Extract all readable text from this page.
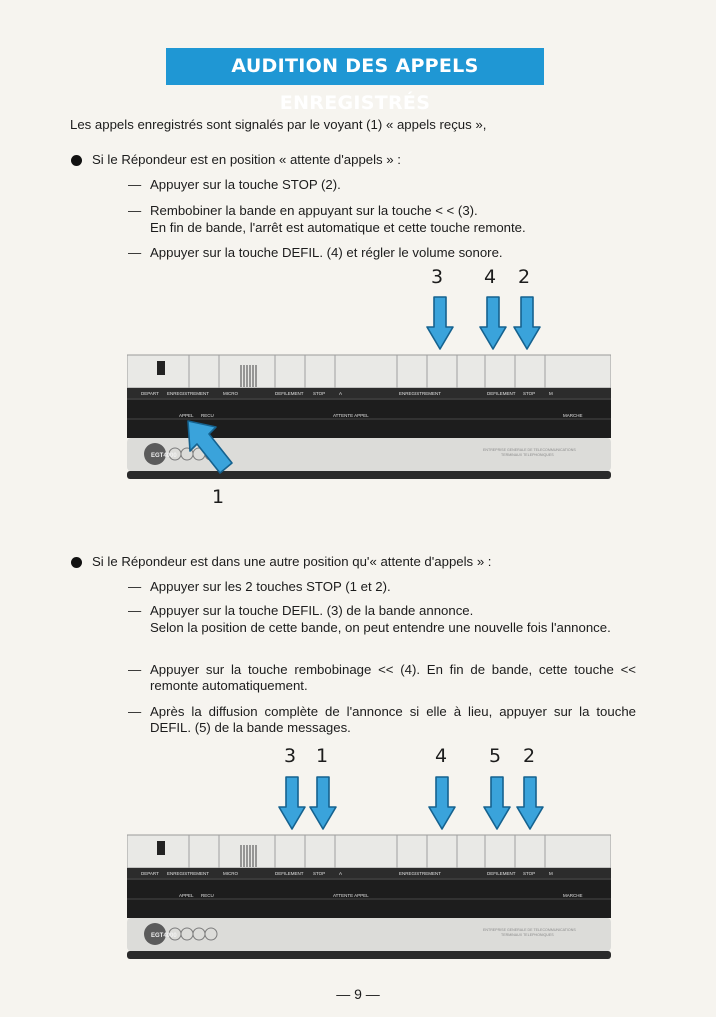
AUDITION DES APPELS ENREGISTRÉS
Les appels enregistrés sont signalés par le voyant (1) « appels reçus »,
Si le Répondeur est en position « attente d'appels » :
— Appuyer sur la touche STOP (2).
— Rembobiner la bande en appuyant sur la touche < < (3).
En fin de bande, l'arrêt est automatique et cette touche remonte.
— Appuyer sur la touche DEFIL. (4) et régler le volume sonore.
3 4 2
DEPART ENREGISTREMENT	MICRO	DEFILEMENT STOP	A	ENREGISTREMENT	DEFILEMENT STOP	M
APPEL RECU	ATTENTE APPEL	MARCHE
EGT4000
ENTREPRISE GENERALE DE TELECOMMUNICATIONS
TERMINAUX TELEPHONIQUES
1
Si le Répondeur est dans une autre position qu'« attente d'appels » :
— Appuyer sur les 2 touches STOP (1 et 2).
— Appuyer sur la touche DEFIL. (3) de la bande annonce.
Selon la position de cette bande, on peut entendre une nouvelle fois l'annonce.
— Appuyer sur la touche rembobinage << (4). En fin de bande, cette touche << remonte automatiquement.
— Après la diffusion complète de l'annonce si elle à lieu, appuyer sur la touche DEFIL. (5) de la bande messages.
3 1	4 5 2
DEPART ENREGISTREMENT	MICRO	DEFILEMENT STOP	A	ENREGISTREMENT	DEFILEMENT STOP	M
APPEL RECU	ATTENTE APPEL	MARCHE
EGT4000
ENTREPRISE GENERALE DE TELECOMMUNICATIONS
TERMINAUX TELEPHONIQUES
— 9 —
